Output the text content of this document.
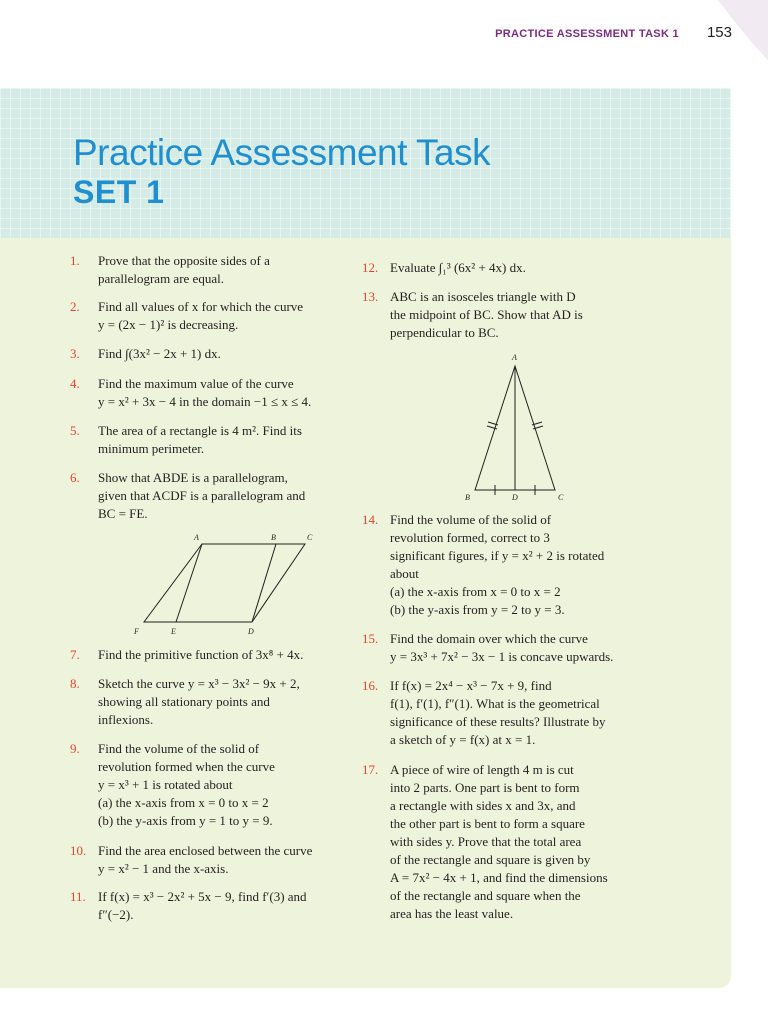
PRACTICE ASSESSMENT TASK 1 153
Practice Assessment Task
SET 1
1. Prove that the opposite sides of a
parallelogram are equal.
2. Find all values of x for which the curve
y = (2x − 1)² is decreasing.
3. Find ∫(3x² − 2x + 1) dx.
4. Find the maximum value of the curve
y = x² + 3x − 4 in the domain −1 ≤ x ≤ 4.
5. The area of a rectangle is 4 m². Find its
minimum perimeter.
6. Show that ABDE is a parallelogram,
given that ACDF is a parallelogram and
BC = FE.
A	B	C
F	E	D
7. Find the primitive function of 3x⁸ + 4x.
8. Sketch the curve y = x³ − 3x² − 9x + 2,
showing all stationary points and
inflexions.
9. Find the volume of the solid of
revolution formed when the curve
y = x³ + 1 is rotated about
(a) the x-axis from x = 0 to x = 2
(b) the y-axis from y = 1 to y = 9.
10. Find the area enclosed between the curve
y = x² − 1 and the x-axis.
11. If f(x) = x³ − 2x² + 5x − 9, find f′(3) and
f″(−2).
12. Evaluate ∫₁³ (6x² + 4x) dx.
13. ABC is an isosceles triangle with D
the midpoint of BC. Show that AD is
perpendicular to BC.
A
B	D	C
14. Find the volume of the solid of
revolution formed, correct to 3
significant figures, if y = x² + 2 is rotated
about
(a) the x-axis from x = 0 to x = 2
(b) the y-axis from y = 2 to y = 3.
15. Find the domain over which the curve
y = 3x³ + 7x² − 3x − 1 is concave upwards.
16. If f(x) = 2x⁴ − x³ − 7x + 9, find
f(1), f′(1), f″(1). What is the geometrical
significance of these results? Illustrate by
a sketch of y = f(x) at x = 1.
17. A piece of wire of length 4 m is cut
into 2 parts. One part is bent to form
a rectangle with sides x and 3x, and
the other part is bent to form a square
with sides y. Prove that the total area
of the rectangle and square is given by
A = 7x² − 4x + 1, and find the dimensions
of the rectangle and square when the
area has the least value.
